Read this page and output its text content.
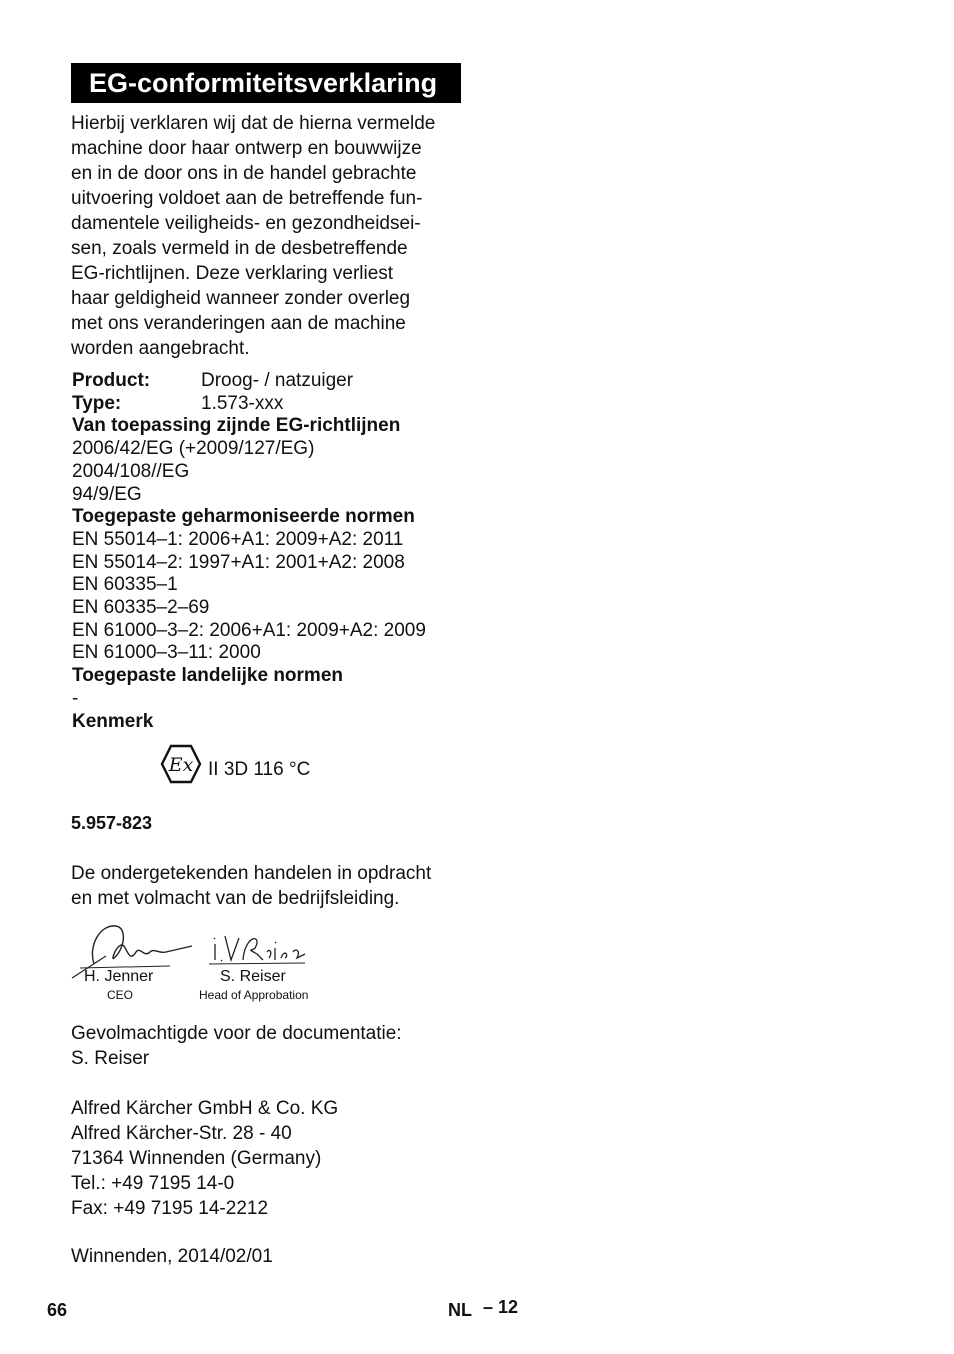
EG-conformiteitsverklaring
Hierbij verklaren wij dat de hierna vermelde
machine door haar ontwerp en bouwwijze
en in de door ons in de handel gebrachte
uitvoering voldoet aan de betreffende fun-
damentele veiligheids- en gezondheidsei-
sen, zoals vermeld in de desbetreffende
EG-richtlijnen. Deze verklaring verliest
haar geldigheid wanneer zonder overleg
met ons veranderingen aan de machine
worden aangebracht.
Product:	Droog- / natzuiger
Type:	1.573-xxx
Van toepassing zijnde EG-richtlijnen
2006/42/EG (+2009/127/EG)
2004/108//EG
94/9/EG
Toegepaste geharmoniseerde normen
EN 55014–1: 2006+A1: 2009+A2: 2011
EN 55014–2: 1997+A1: 2001+A2: 2008
EN 60335–1
EN 60335–2–69
EN 61000–3–2: 2006+A1: 2009+A2: 2009
EN 61000–3–11: 2000
Toegepaste landelijke normen
-
Kenmerk
Ex II 3D 116 °C
5.957-823
De ondergetekenden handelen in opdracht
en met volmacht van de bedrijfsleiding.
H. Jenner
CEO
S. Reiser
Head of Approbation
Gevolmachtigde voor de documentatie:
S. Reiser
Alfred Kärcher GmbH & Co. KG
Alfred Kärcher-Str. 28 - 40
71364 Winnenden (Germany)
Tel.: +49 7195 14-0
Fax: +49 7195 14-2212
Winnenden, 2014/02/01
66	NL – 12
